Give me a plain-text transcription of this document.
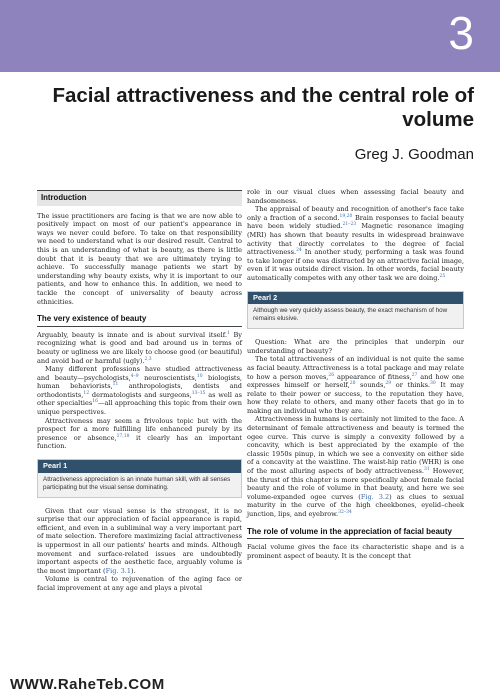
3
Facial attractiveness and the central role of volume
Greg J. Goodman
Introduction

The issue practitioners are facing is that we are now able to positively impact on most of our patient's appearance in ways we never could before. To take on that responsibility we need to understand what is our desired result. Central to this is an understanding of what is beauty, as there is little doubt that it is beauty that we are ultimately trying to achieve. To successfully manage patients we start by understanding why beauty exists, why it is important to our patients, and how to enhance this. In addition, we need to tackle the concept of universality of beauty across ethnicities.

The very existence of beauty

Arguably, beauty is innate and is about survival itself.$^1$ By recognizing what is good and bad around us in terms of beauty or ugliness we are likely to choose good (or beautiful) and avoid bad or harmful (ugly).$^{2,3}$

Many different professions have studied attractiveness and beauty—psychologists,$^{4-9}$ neuroscientists,$^{10}$ biologists, human behaviorists,$^{11}$ anthropologists, dentists and orthodontists,$^{12}$ dermatologists and surgeons,$^{13-15}$ as well as other specialties$^{16}$—all approaching this topic from their own unique perspectives.

Attractiveness may seem a frivolous topic but with the prospect for a more fulfilling life enhanced purely by its presence or absence,$^{17,18}$ it clearly has an important function.

Pearl 1
Attractiveness appreciation is an innate human skill, with all senses participating but the visual sense dominating.

Given that our visual sense is the strongest, it is no surprise that our appreciation of facial appearance is rapid, efficient, and even in a subliminal way a very important part of mate selection. Therefore maximizing facial attractiveness is uppermost in all our patients' hearts and minds. Although movement and surface-related issues are undoubtedly important aspects of the aesthetic face, arguably volume is the most important (Fig. 3.1).

Volume is central to rejuvenation of the aging face or facial improvement at any age and plays a pivotal

role in our visual clues when assessing facial beauty and handsomeness.

The appraisal of beauty and recognition of another's face take only a fraction of a second.$^{19,20}$ Brain responses to facial beauty have been widely studied.$^{21-23}$ Magnetic resonance imaging (MRI) has shown that beauty results in widespread brainwave activity that directly correlates to the degree of facial attractiveness.$^{24}$ In another study, performing a task was found to take longer if one was distracted by an attractive facial image, even if it was outside direct vision. In other words, facial beauty automatically competes with any other task we are doing.$^{25}$

Pearl 2
Although we very quickly assess beauty, the exact mechanism of how remains elusive.

Question: What are the principles that underpin our understanding of beauty?

The total attractiveness of an individual is not quite the same as facial beauty. Attractiveness is a total package and may relate to how a person moves,$^{26}$ appearance of fitness,$^{27}$ and how one expresses himself or herself,$^{28}$ sounds,$^{29}$ or thinks.$^{30}$ It may relate to their power or success, to the reputation they have, how they relate to others, and many other facets that go in to making an individual who they are.

Attractiveness in humans is certainly not limited to the face. A determinant of female attractiveness and beauty is termed the ogee curve. This curve is simply a convexity followed by a concavity, which is best appreciated by the example of the classic 1950s pinup, in which we see a convexity on either side of a concavity at the waistline. The waist-hip ratio (WHR) is one of the most alluring aspects of body attractiveness.$^{31}$ However, the thrust of this chapter is more specifically about female facial beauty and the role of volume in that beauty, and here we see volume-expanded ogee curves (Fig. 3.2) as clues to sexual maturity in the curve of the high cheekbones, eyelid–cheek junction, lips, and eyebrow.$^{32-34}$

The role of volume in the appreciation of facial beauty

Facial volume gives the face its characteristic shape and is a prominent aspect of beauty. It is the concept that

WWW.RaheTeb.COM
